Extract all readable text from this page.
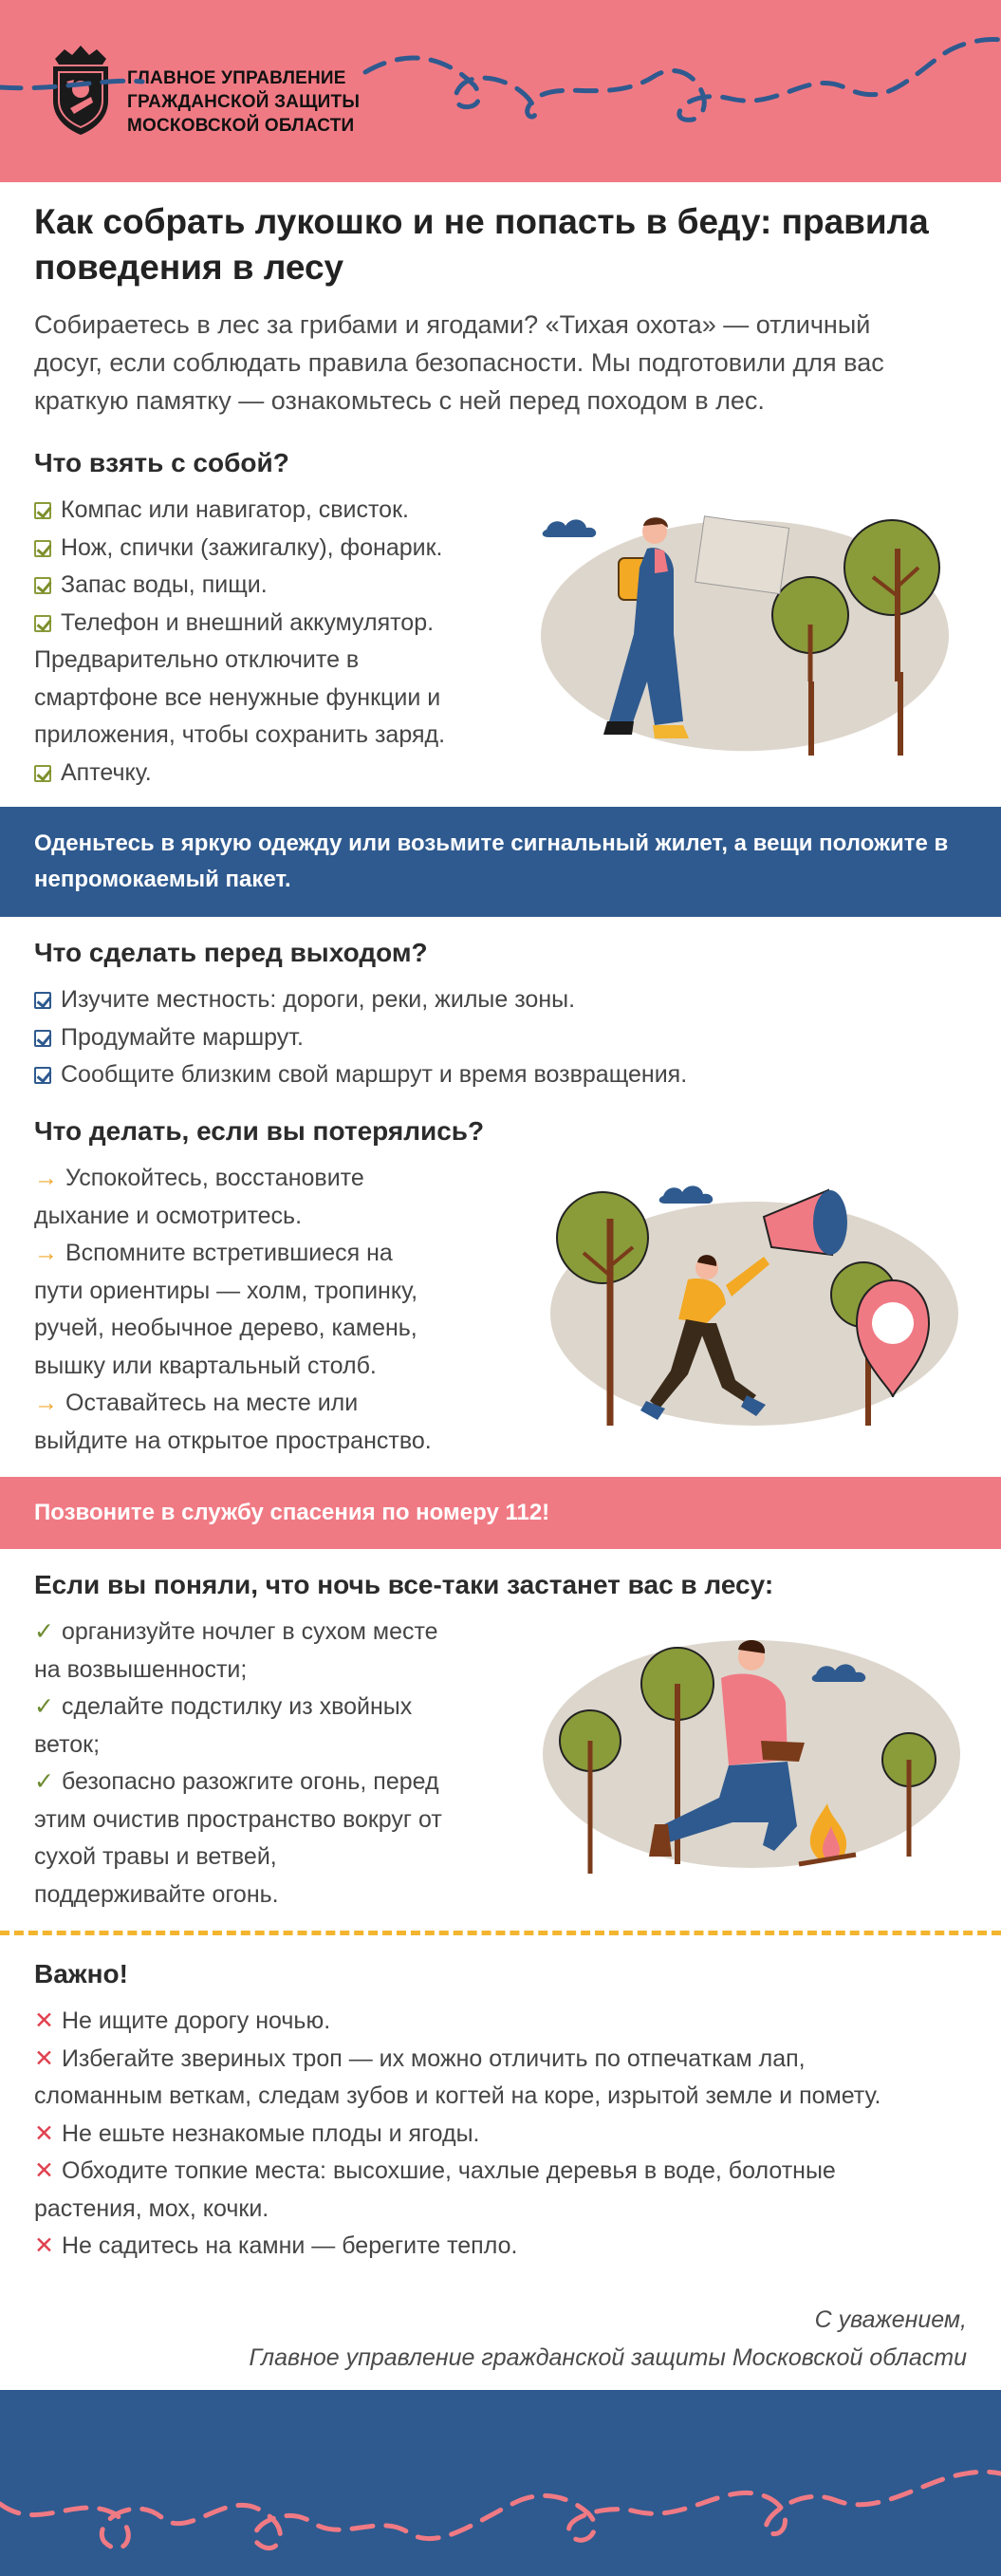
ГЛАВНОЕ УПРАВЛЕНИЕ
ГРАЖДАНСКОЙ ЗАЩИТЫ
МОСКОВСКОЙ ОБЛАСТИ
Как собрать лукошко и не попасть в беду: правила поведения в лесу

Собираетесь в лес за грибами и ягодами? «Тихая охота» — отличный досуг, если соблюдать правила безопасности. Мы подготовили для вас краткую памятку — ознакомьтесь с ней перед походом в лес.

Что взять с собой?
Компас или навигатор, свисток.
Нож, спички (зажигалку), фонарик.
Запас воды, пищи.
Телефон и внешний аккумулятор.
Предварительно отключите в
смартфоне все ненужные функции и
приложения, чтобы сохранить заряд.
Аптечку.
Оденьтесь в яркую одежду или возьмите сигнальный жилет, а вещи положите в непромокаемый пакет.
Что сделать перед выходом?
Изучите местность: дороги, реки, жилые зоны.
Продумайте маршрут.
Сообщите близким свой маршрут и время возвращения.
Что делать, если вы потерялись?
→ Успокойтесь, восстановите
дыхание и осмотритесь.
→ Вспомните встретившиеся на
пути ориентиры — холм, тропинку,
ручей, необычное дерево, камень,
вышку или квартальный столб.
→ Оставайтесь на месте или
выйдите на открытое пространство.
Позвоните в службу спасения по номеру 112!
Если вы поняли, что ночь все-таки застанет вас в лесу:
✓ организуйте ночлег в сухом месте
на возвышенности;
✓ сделайте подстилку из хвойных
веток;
✓ безопасно разожгите огонь, перед
этим очистив пространство вокруг от
сухой травы и ветвей,
поддерживайте огонь.
Важно!
✕ Не ищите дорогу ночью.
✕ Избегайте звериных троп — их можно отличить по отпечаткам лап,
сломанным веткам, следам зубов и когтей на коре, изрытой земле и помету.
✕ Не ешьте незнакомые плоды и ягоды.
✕ Обходите топкие места: высохшие, чахлые деревья в воде, болотные
растения, мох, кочки.
✕ Не садитесь на камни — берегите тепло.
С уважением,
Главное управление гражданской защиты Московской области
